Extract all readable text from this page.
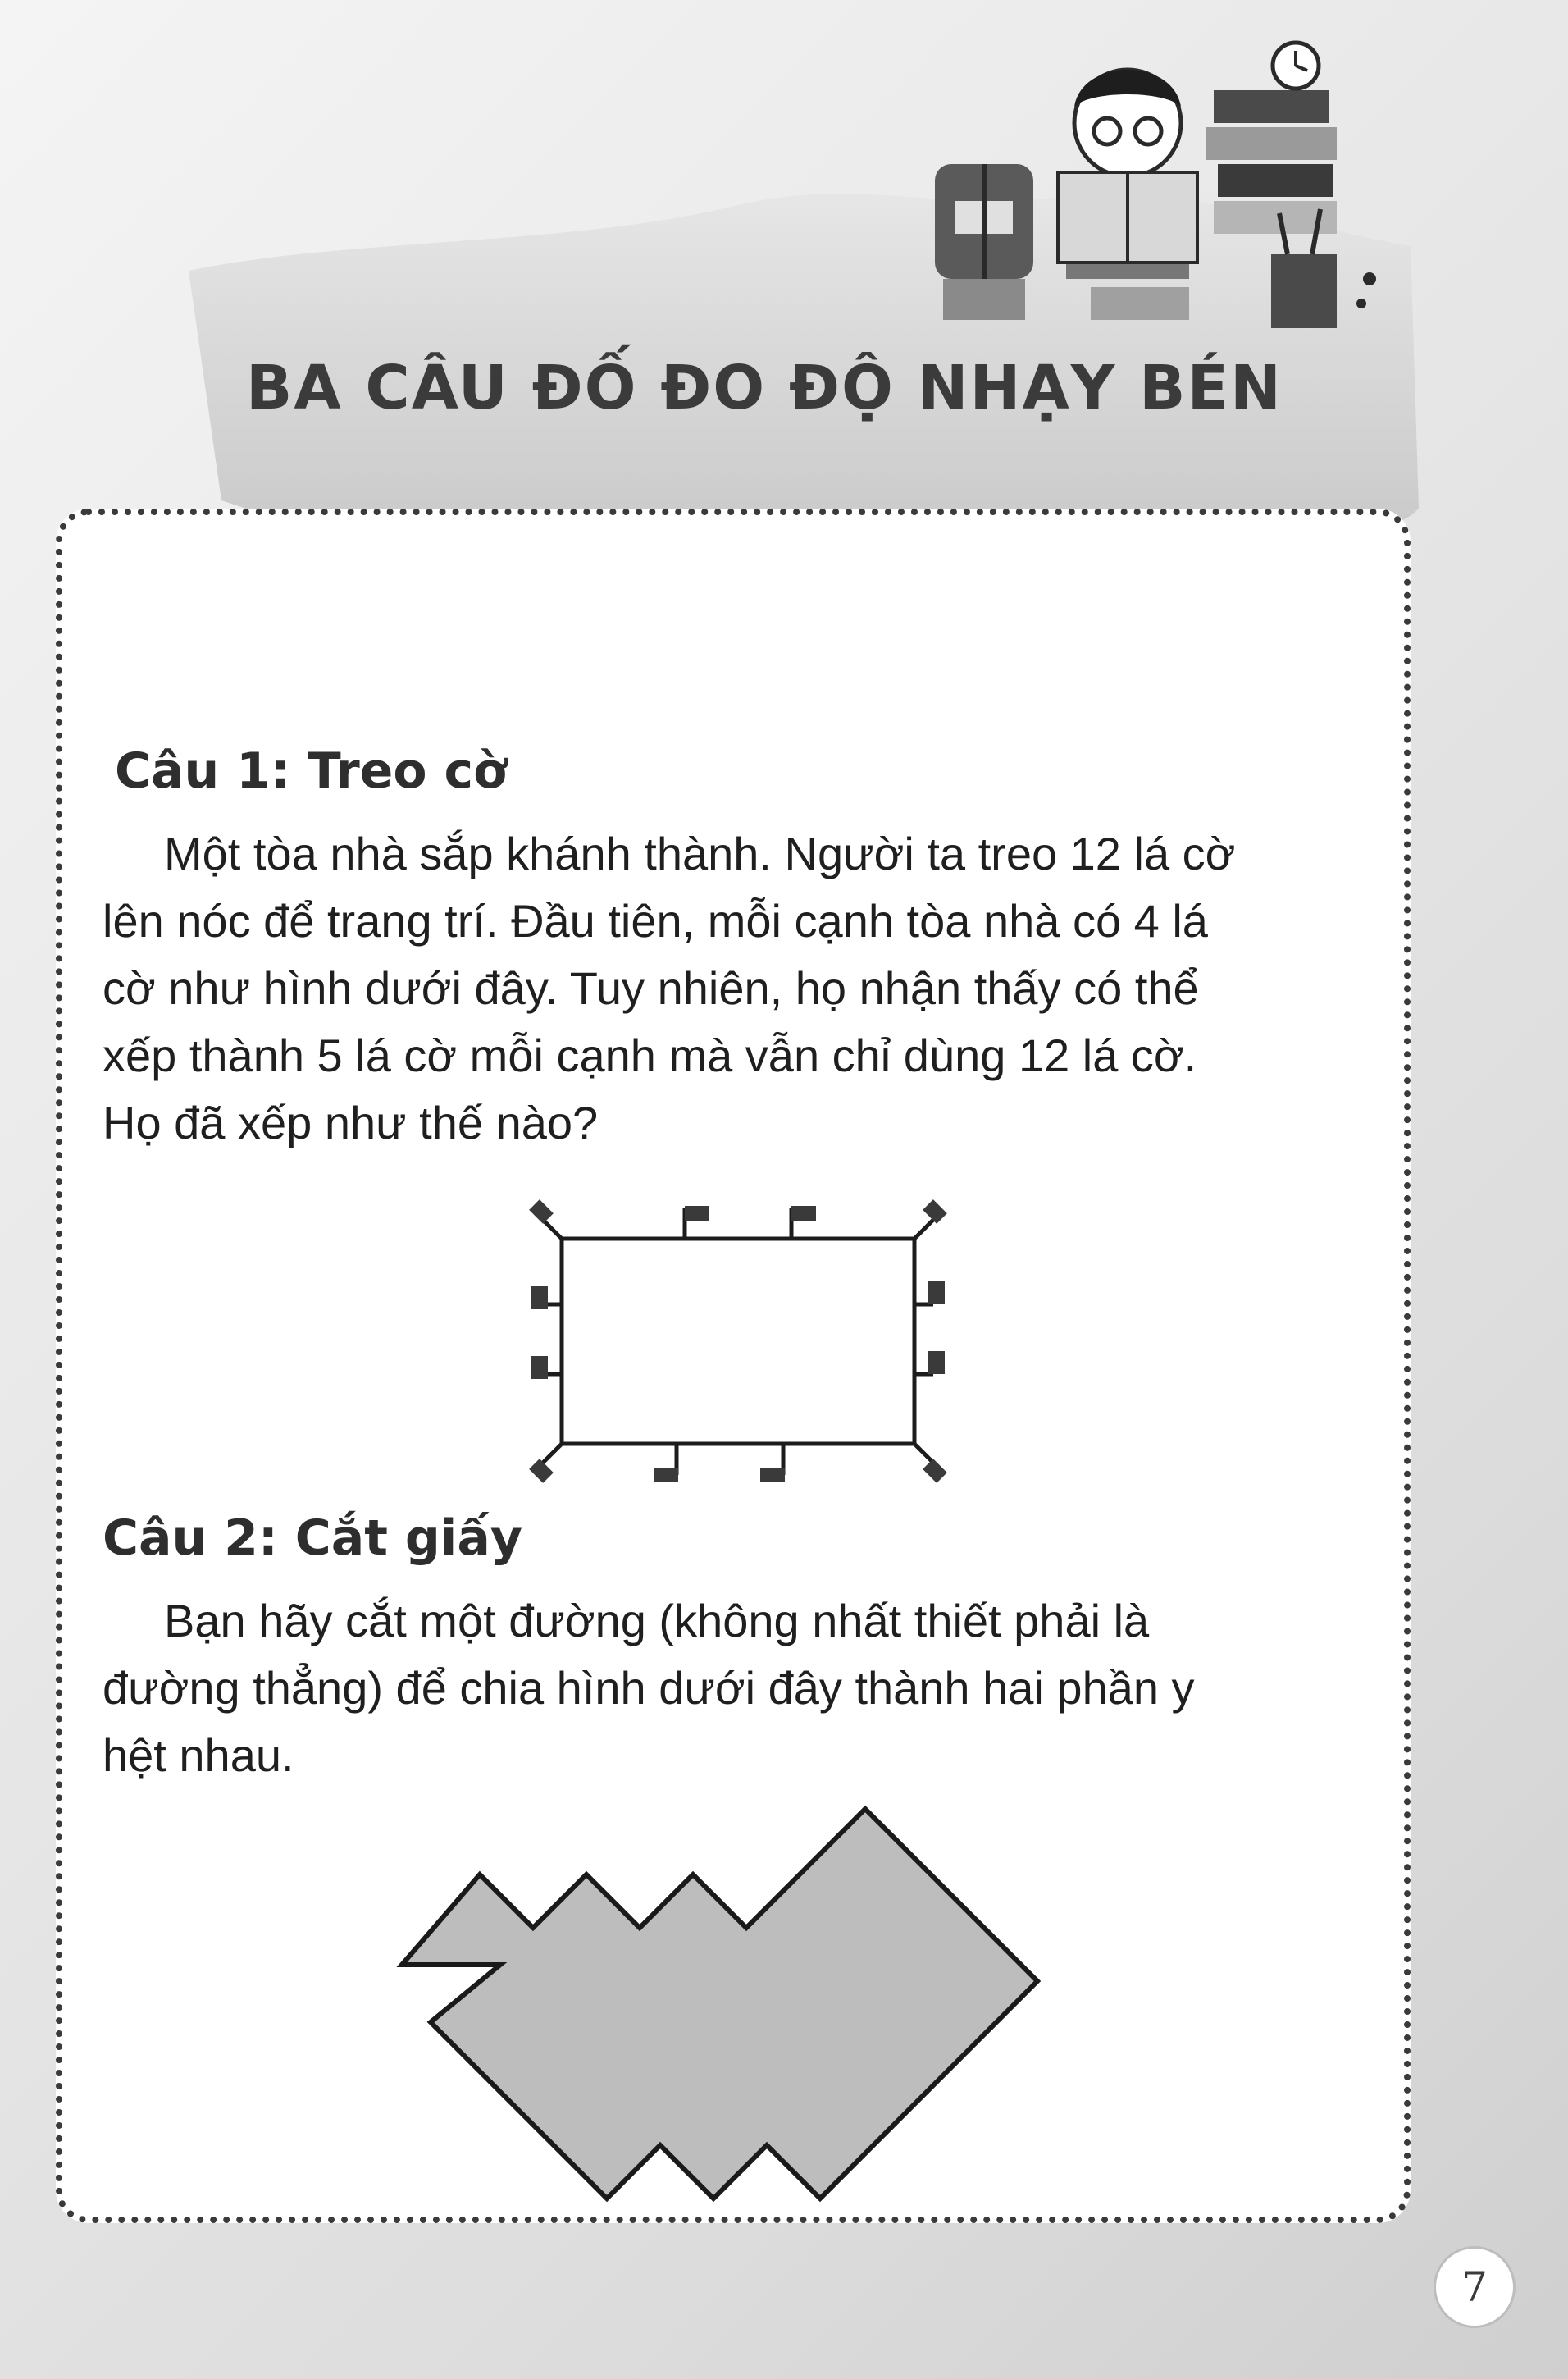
BA CÂU ĐỐ ĐO ĐỘ NHẠY BÉN
Câu 1: Treo cờ

Một tòa nhà sắp khánh thành. Người ta treo 12 lá cờ

lên nóc để trang trí. Đầu tiên, mỗi cạnh tòa nhà có 4 lá

cờ như hình dưới đây. Tuy nhiên, họ nhận thấy có thể

xếp thành 5 lá cờ mỗi cạnh mà vẫn chỉ dùng 12 lá cờ.

Họ đã xếp như thế nào?

Câu 2: Cắt giấy

Bạn hãy cắt một đường (không nhất thiết phải là

đường thẳng) để chia hình dưới đây thành hai phần y

hệt nhau.

7
